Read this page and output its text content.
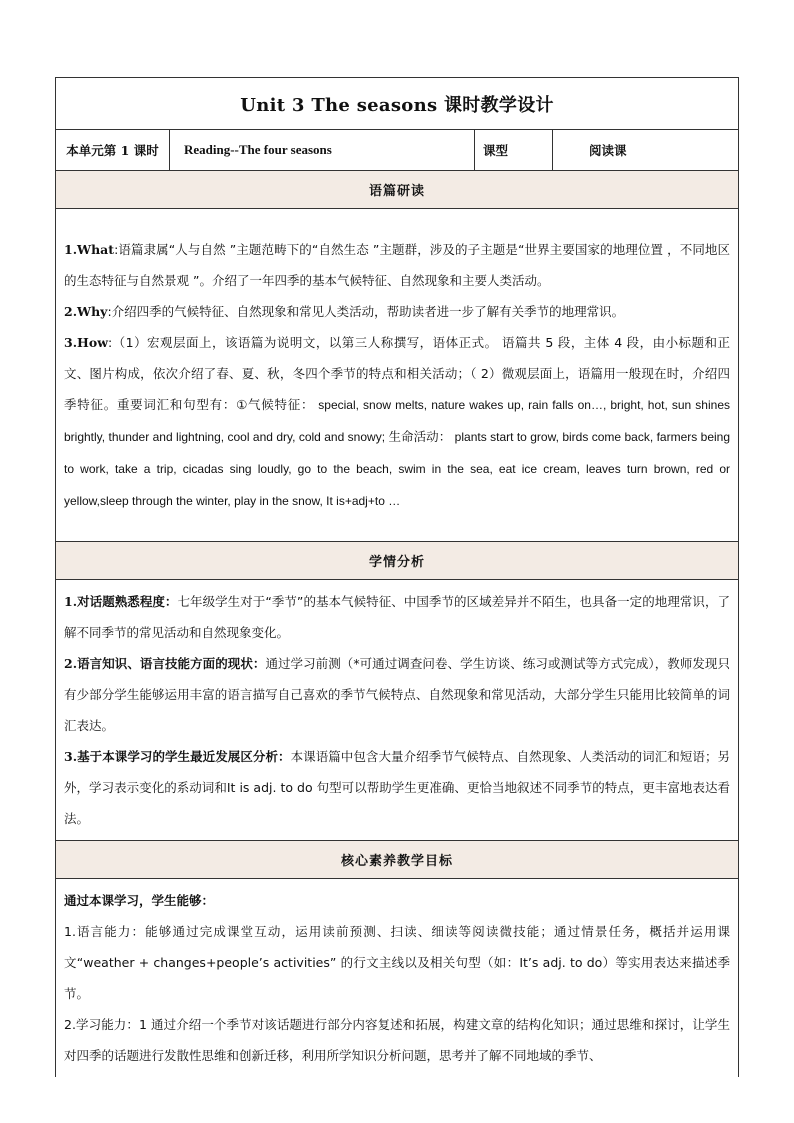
Unit 3 The seasons 课时教学设计
本单元第 1 课时	Reading--The four seasons	课型	阅读课
语篇研读

1.What:语篇隶属“人与自然 ”主题范畴下的“自然生态 ”主题群，涉及的子主题是“世界主要国家的地理位置 ，不同地区的生态特征与自然景观 ”。介绍了一年四季的基本气候特征、自然现象和主要人类活动。

2.Why:介绍四季的气候特征、自然现象和常见人类活动，帮助读者进一步了解有关季节的地理常识。

3.How:（1）宏观层面上，该语篇为说明文，以第三人称撰写，语体正式。 语篇共 5 段，主体 4 段，由小标题和正文、图片构成，依次介绍了春、夏、秋，冬四个季节的特点和相关活动；（ 2）微观层面上，语篇用一般现在时，介绍四季特征。重要词汇和句型有：①气候特征： special, snow melts, nature wakes up, rain falls on…, bright, hot, sun shines brightly, thunder and lightning, cool and dry, cold and snowy; 生命活动： plants start to grow, birds come back, farmers being to work, take a trip, cicadas sing loudly, go to the beach, swim in the sea, eat ice cream, leaves turn brown, red or yellow,sleep through the winter, play in the snow, It is+adj+to …

学情分析

1.对话题熟悉程度：七年级学生对于“季节”的基本气候特征、中国季节的区域差异并不陌生，也具备一定的地理常识，了解不同季节的常见活动和自然现象变化。

2.语言知识、语言技能方面的现状：通过学习前测（*可通过调查问卷、学生访谈、练习或测试等方式完成），教师发现只有少部分学生能够运用丰富的语言描写自己喜欢的季节气候特点、自然现象和常见活动，大部分学生只能用比较简单的词汇表达。

3.基于本课学习的学生最近发展区分析：本课语篇中包含大量介绍季节气候特点、自然现象、人类活动的词汇和短语；另外，学习表示变化的系动词和It is adj. to do 句型可以帮助学生更准确、更恰当地叙述不同季节的特点，更丰富地表达看法。

核心素养教学目标

通过本课学习，学生能够：

1.语言能力：能够通过完成课堂互动，运用读前预测、扫读、细读等阅读微技能；通过情景任务，概括并运用课文“weather + changes+people’s activities” 的行文主线以及相关句型（如：It’s adj. to do）等实用表达来描述季节。

2.学习能力：1 通过介绍一个季节对该话题进行部分内容复述和拓展，构建文章的结构化知识；通过思维和探讨，让学生对四季的话题进行发散性思维和创新迁移，利用所学知识分析问题，思考并了解不同地域的季节、
